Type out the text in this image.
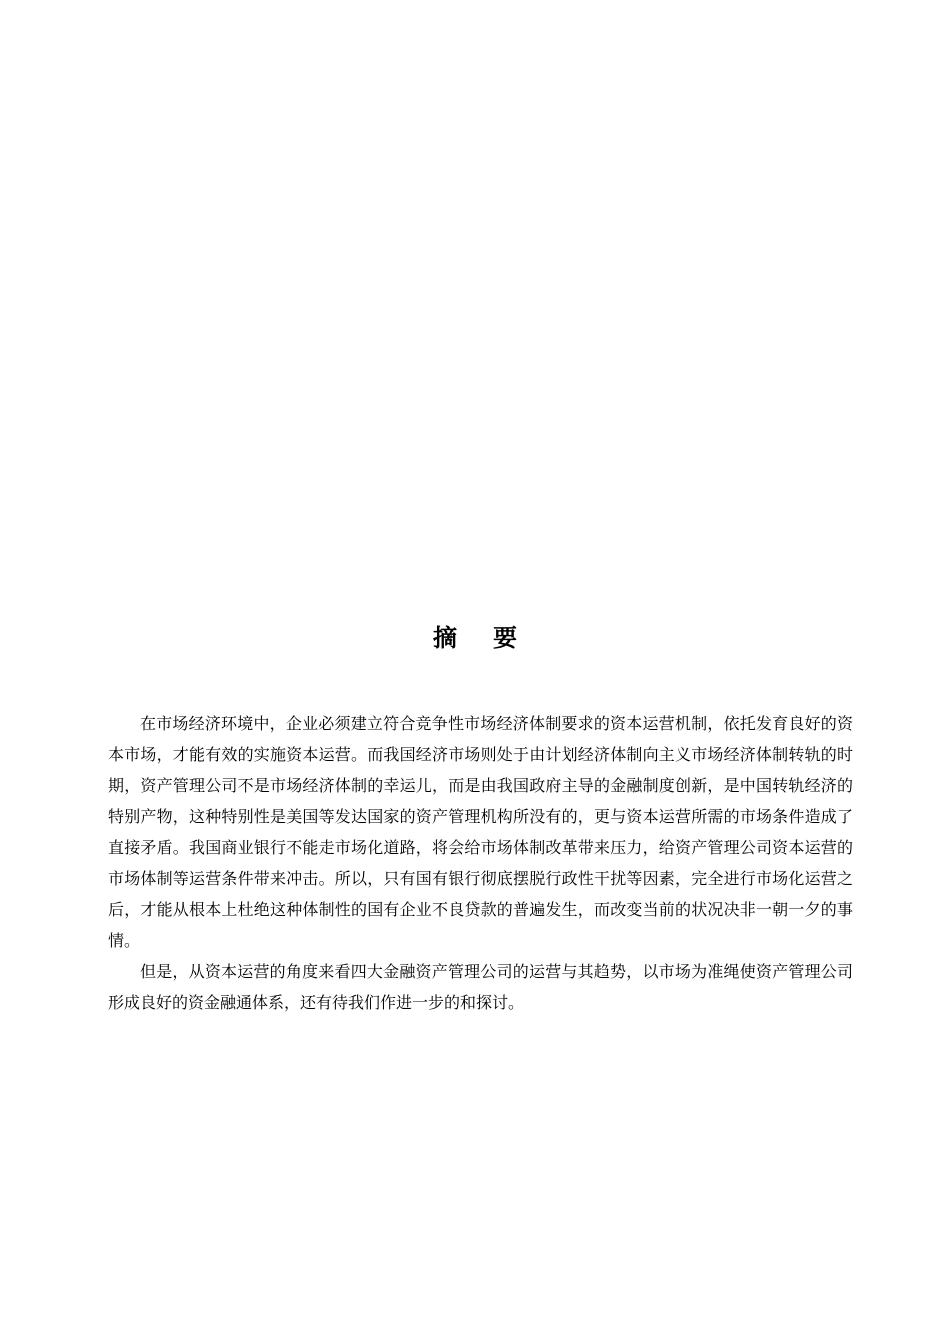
摘要

在市场经济环境中，企业必须建立符合竞争性市场经济体制要求的资本运营机制，依托发育良好的资本市场，才能有效的实施资本运营。而我国经济市场则处于由计划经济体制向主义市场经济体制转轨的时期，资产管理公司不是市场经济体制的幸运儿，而是由我国政府主导的金融制度创新，是中国转轨经济的特别产物，这种特别性是美国等发达国家的资产管理机构所没有的，更与资本运营所需的市场条件造成了直接矛盾。我国商业银行不能走市场化道路，将会给市场体制改革带来压力，给资产管理公司资本运营的市场体制等运营条件带来冲击。所以，只有国有银行彻底摆脱行政性干扰等因素，完全进行市场化运营之后，才能从根本上杜绝这种体制性的国有企业不良贷款的普遍发生，而改变当前的状况决非一朝一夕的事情。

但是，从资本运营的角度来看四大金融资产管理公司的运营与其趋势，以市场为准绳使资产管理公司形成良好的资金融通体系，还有待我们作进一步的和探讨。
